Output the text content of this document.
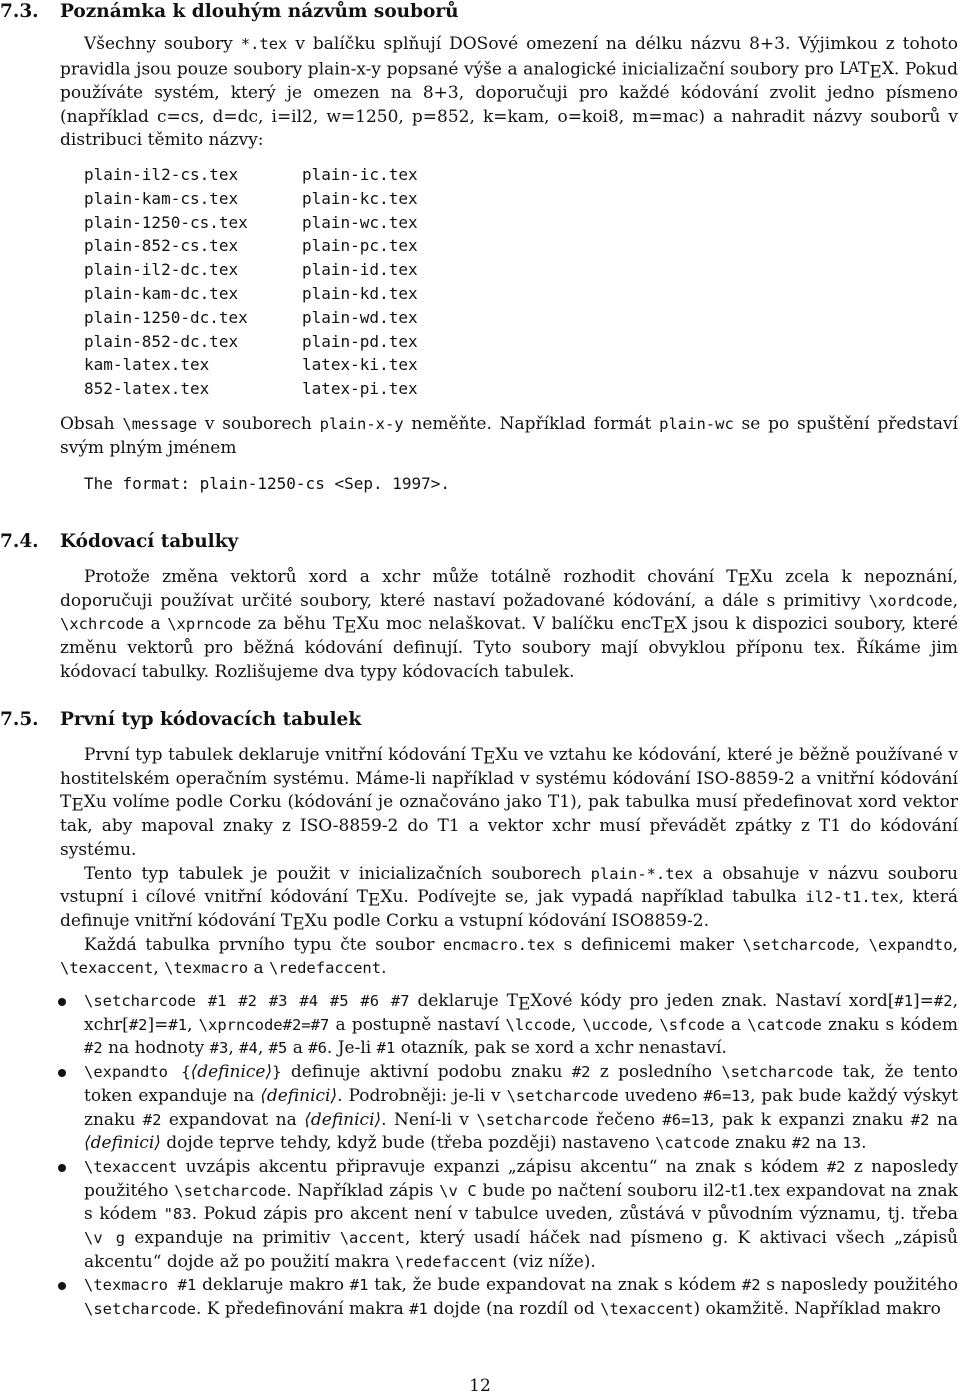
7.3. Poznámka k dlouhým názvům souborů

Všechny soubory *.tex v balíčku splňují DOSové omezení na délku názvu 8+3. Výjimkou z tohoto pravidla jsou pouze soubory plain-x-y popsané výše a analogické inicializační soubory pro $LAT_EX$. Pokud používáte systém, který je omezen na 8+3, doporučuji pro každé kódování zvolit jedno písmeno (například c=cs, d=dc, i=il2, w=1250, p=852, k=kam, o=koi8, m=mac) a nahradit názvy souborů v distribuci těmito názvy:

plain-il2-cs.tex
plain-kam-cs.tex
plain-1250-cs.tex
plain-852-cs.tex
plain-il2-dc.tex
plain-kam-dc.tex
plain-1250-dc.tex
plain-852-dc.tex
kam-latex.tex
852-latex.tex
plain-ic.tex
plain-kc.tex
plain-wc.tex
plain-pc.tex
plain-id.tex
plain-kd.tex
plain-wd.tex
plain-pd.tex
latex-ki.tex
latex-pi.tex

Obsah \message v souborech plain-x-y neměňte. Například formát plain-wc se po spuštění představí svým plným jménem

The format: plain-1250-cs <Sep. 1997>.
7.4. Kódovací tabulky

Protože změna vektorů xord a xchr může totálně rozhodit chování $T_EXu$ zcela k nepoznání, doporučuji používat určité soubory, které nastaví požadované kódování, a dále s primitivy \xordcode, \xchrcode a \xprncode za běhu $T_EXu$ moc nelaškovat. V balíčku encT$_E$X jsou k dispozici soubory, které změnu vektorů pro běžná kódování definují. Tyto soubory mají obvyklou příponu tex. Říkáme jim kódovací tabulky. Rozlišujeme dva typy kódovacích tabulek.

7.5. První typ kódovacích tabulek

První typ tabulek deklaruje vnitřní kódování $T_EXu$ ve vztahu ke kódování, které je běžně používané v hostitelském operačním systému. Máme-li například v systému kódování ISO-8859-2 a vnitřní kódování $T_EXu$ volíme podle Corku (kódování je označováno jako T1), pak tabulka musí předefinovat xord vektor tak, aby mapoval znaky z ISO-8859-2 do T1 a vektor xchr musí převádět zpátky z T1 do kódování systému.

Tento typ tabulek je použit v inicializačních souborech plain-*.tex a obsahuje v názvu souboru vstupní i cílové vnitřní kódování $T_EXu$. Podívejte se, jak vypadá například tabulka il2-t1.tex, která definuje vnitřní kódování $T_EXu$ podle Corku a vstupní kódování ISO8859-2.

Každá tabulka prvního typu čte soubor encmacro.tex s definicemi maker \setcharcode, \expandto, \texaccent, \texmacro a \redefaccent.

\setcharcode #1 #2 #3 #4 #5 #6 #7 deklaruje $T_EXové$ kódy pro jeden znak. Nastaví xord[#1]=#2, xchr[#2]=#1, \xprncode#2=#7 a postupně nastaví \lccode, \uccode, \sfcode a \catcode znaku s kódem #2 na hodnoty #3, #4, #5 a #6. Je-li #1 otazník, pak se xord a xchr nenastaví.
\expandto {⟨definice⟩} definuje aktivní podobu znaku #2 z posledního \setcharcode tak, že tento token expanduje na ⟨definici⟩. Podrobněji: je-li v \setcharcode uvedeno #6=13, pak bude každý výskyt znaku #2 expandovat na ⟨definici⟩. Není-li v \setcharcode řečeno #6=13, pak k expanzi znaku #2 na ⟨definici⟩ dojde teprve tehdy, když bude (třeba později) nastaveno \catcode znaku #2 na 13.
\texaccent uvzápis akcentu připravuje expanzi „zápisu akcentu“ na znak s kódem #2 z naposledy použitého \setcharcode. Například zápis \v C bude po načtení souboru il2-t1.tex expandovat na znak s kódem "83. Pokud zápis pro akcent není v tabulce uveden, zůstává v původním významu, tj. třeba \v g expanduje na primitiv \accent, který usadí háček nad písmeno g. K aktivaci všech „zápisů akcentu“ dojde až po použití makra \redefaccent (viz níže).
\texmacro #1 deklaruje makro #1 tak, že bude expandovat na znak s kódem #2 s naposledy použitého \setcharcode. K předefinování makra #1 dojde (na rozdíl od \texaccent) okamžitě. Například makro
12
